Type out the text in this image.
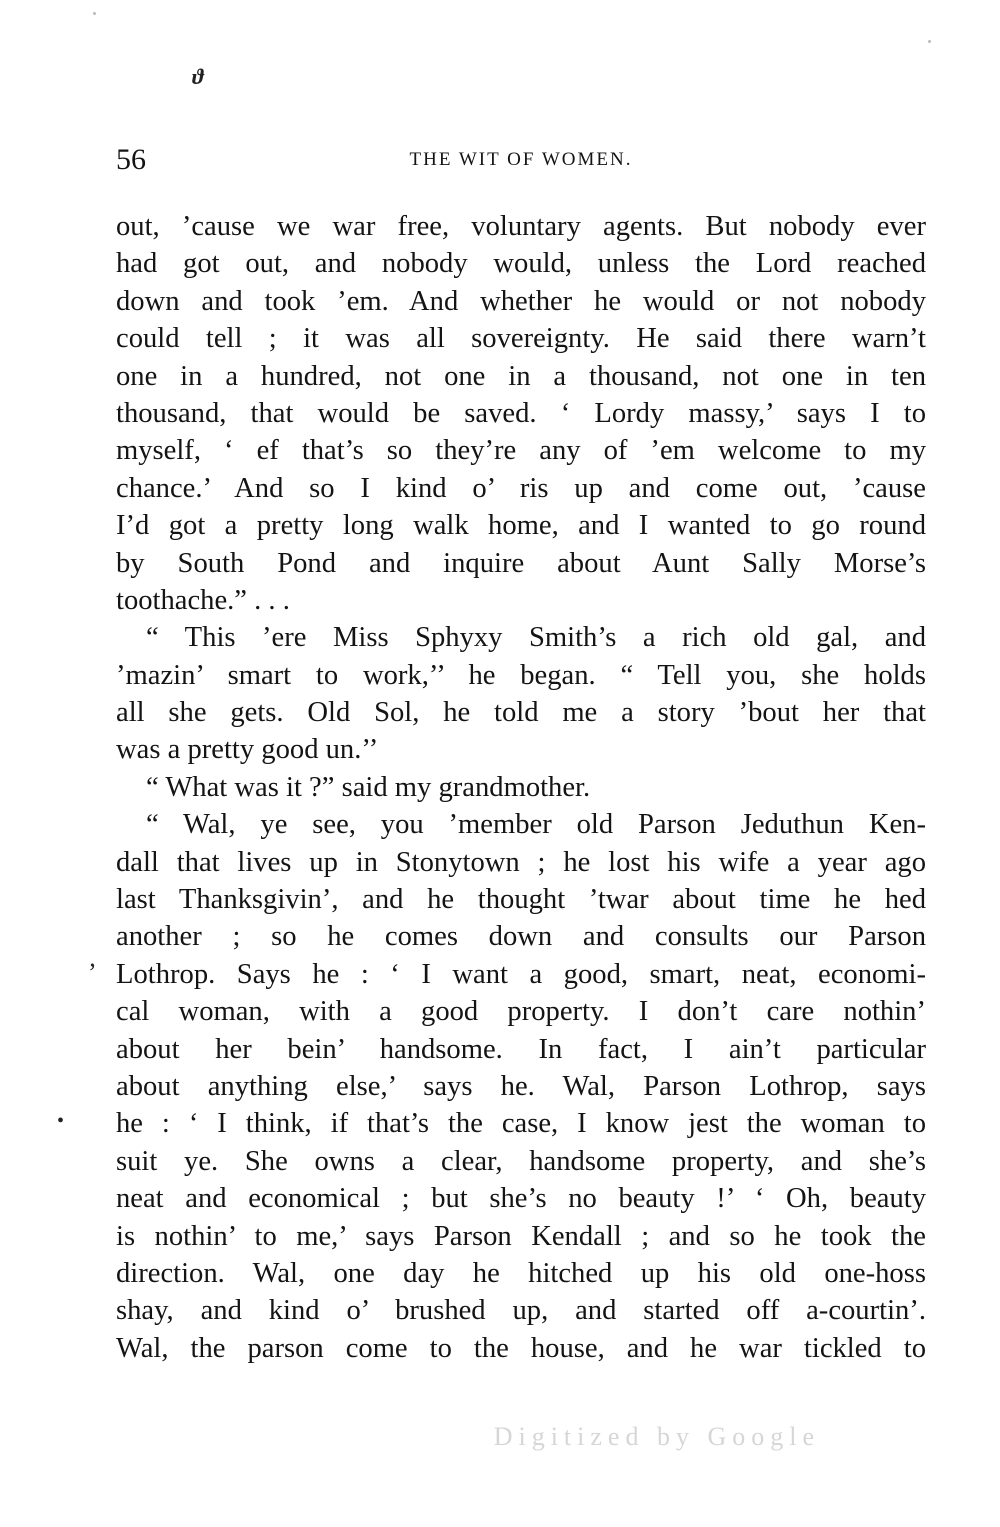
ϑ
’
•
56	THE WIT OF WOMEN.
out, ’cause we war free, voluntary agents. But nobody ever
had got out, and nobody would, unless the Lord reached
down and took ’em. And whether he would or not nobody
could tell ; it was all sovereignty. He said there warn’t
one in a hundred, not one in a thousand, not one in ten
thousand, that would be saved. ‘ Lordy massy,’ says I to
myself, ‘ ef that’s so they’re any of ’em welcome to my
chance.’ And so I kind o’ ris up and come out, ’cause
I’d got a pretty long walk home, and I wanted to go round
by South Pond and inquire about Aunt Sally Morse’s
toothache.” . . .
“ This ’ere Miss Sphyxy Smith’s a rich old gal, and
’mazin’ smart to work,’’ he began. “ Tell you, she holds
all she gets. Old Sol, he told me a story ’bout her that
was a pretty good un.’’
“ What was it ?” said my grandmother.
“ Wal, ye see, you ’member old Parson Jeduthun Ken-
dall that lives up in Stonytown ; he lost his wife a year ago
last Thanksgivin’, and he thought ’twar about time he hed
another ; so he comes down and consults our Parson
Lothrop. Says he : ‘ I want a good, smart, neat, economi-
cal woman, with a good property. I don’t care nothin’
about her bein’ handsome. In fact, I ain’t particular
about anything else,’ says he. Wal, Parson Lothrop, says
he : ‘ I think, if that’s the case, I know jest the woman to
suit ye. She owns a clear, handsome property, and she’s
neat and economical ; but she’s no beauty !’ ‘ Oh, beauty
is nothin’ to me,’ says Parson Kendall ; and so he took the
direction. Wal, one day he hitched up his old one-hoss
shay, and kind o’ brushed up, and started off a-courtin’.
Wal, the parson come to the house, and he war tickled to
Digitized by Google
